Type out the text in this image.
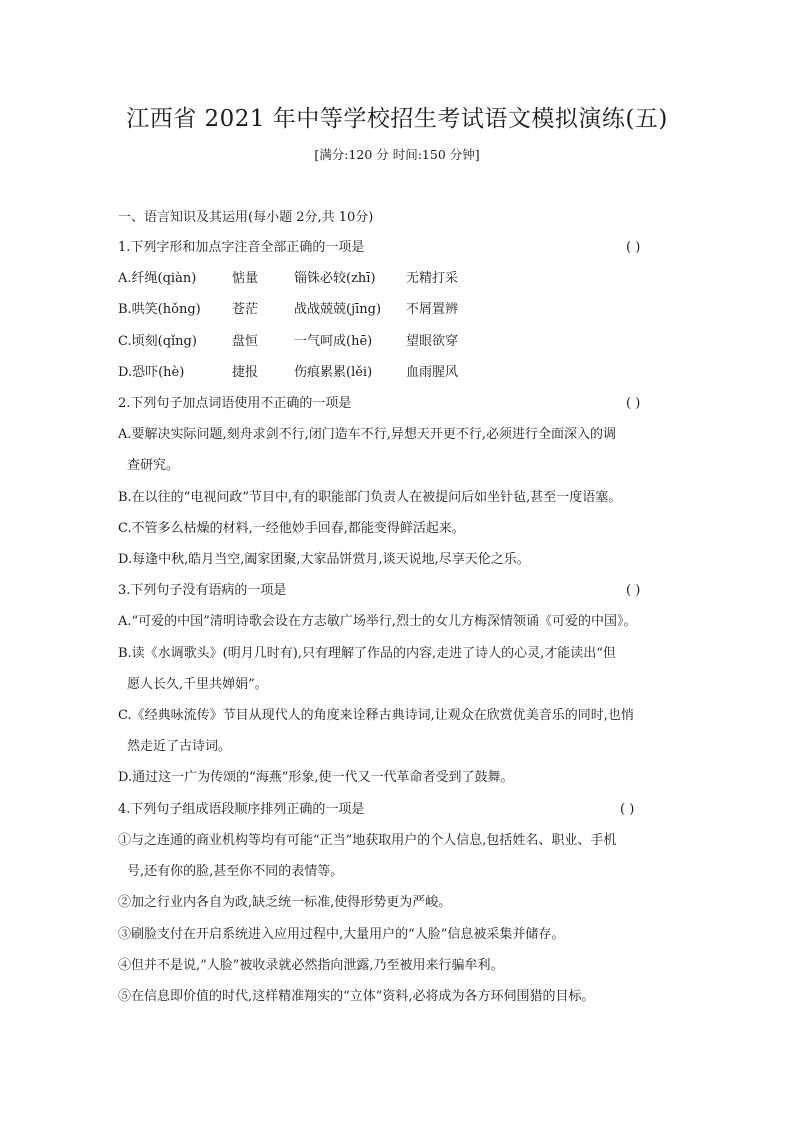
江西省 2021 年中等学校招生考试语文模拟演练(五)
[满分:120 分 时间:150 分钟]
一、语言知识及其运用(每小题 2分,共 10分)
1.下列字形和加点字注音全部正确的一项是	( )
A.纤绳(qiàn)	惦量	锱铢必较(zhī) 无精打采
B.哄笑(hǒng) 苍茫	战战兢兢(jīng) 不屑置辨
C.顷刻(qǐng)	盘恒	一气呵成(hē)	望眼欲穿
D.恐吓(hè)	捷报	伤痕累累(lěi)	血雨腥风
2.下列句子加点词语使用不正确的一项是	( )
A.要解决实际问题,刻舟求剑不行,闭门造车不行,异想天开更不行,必须进行全面深入的调
查研究。
B.在以往的“电视问政”节目中,有的职能部门负责人在被提问后如坐针毡,甚至一度语塞。
C.不管多么枯燥的材料,一经他妙手回春,都能变得鲜活起来。
D.每逢中秋,皓月当空,阖家团聚,大家品饼赏月,谈天说地,尽享天伦之乐。
3.下列句子没有语病的一项是	( )
A.“可爱的中国”清明诗歌会设在方志敏广场举行,烈士的女儿方梅深情领诵《可爱的中国》。
B.读《水调歌头》(明月几时有),只有理解了作品的内容,走进了诗人的心灵,才能读出“但
愿人长久,千里共婵娟”。
C.《经典咏流传》节目从现代人的角度来诠释古典诗词,让观众在欣赏优美音乐的同时,也悄
然走近了古诗词。
D.通过这一广为传颂的“海燕”形象,使一代又一代革命者受到了鼓舞。
4.下列句子组成语段顺序排列正确的一项是	( )
①与之连通的商业机构等均有可能“正当”地获取用户的个人信息,包括姓名、职业、手机
号,还有你的脸,甚至你不同的表情等。
②加之行业内各自为政,缺乏统一标准,使得形势更为严峻。
③刷脸支付在开启系统进入应用过程中,大量用户的“人脸”信息被采集并储存。
④但并不是说,“人脸”被收录就必然指向泄露,乃至被用来行骗牟利。
⑤在信息即价值的时代,这样精准翔实的“立体”资料,必将成为各方环伺围猎的目标。
